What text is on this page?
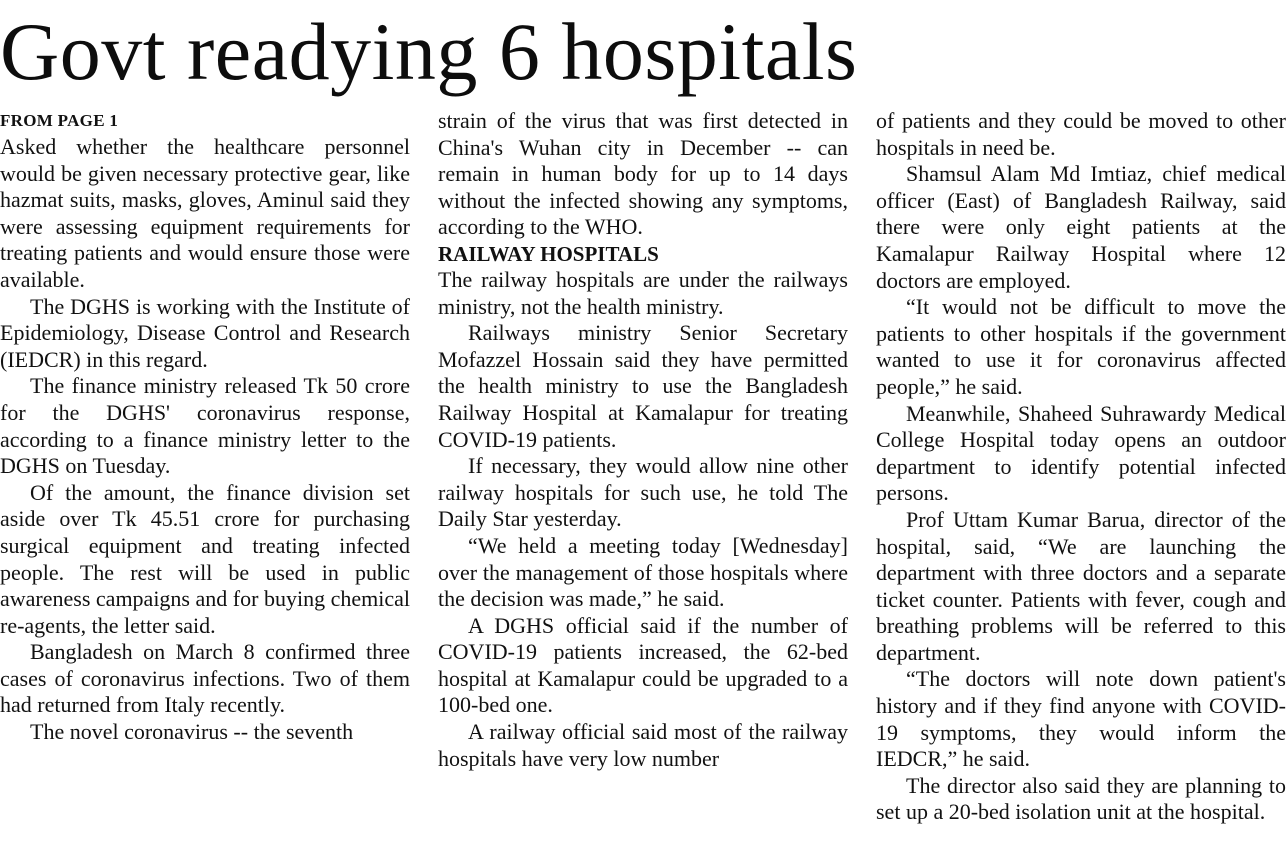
Govt readying 6 hospitals
FROM PAGE 1

Asked whether the healthcare personnel would be given necessary protective gear, like hazmat suits, masks, gloves, Aminul said they were assessing equipment requirements for treating patients and would ensure those were available.

The DGHS is working with the Institute of Epidemiology, Disease Control and Research (IEDCR) in this regard.

The finance ministry released Tk 50 crore for the DGHS' coronavirus response, according to a finance ministry letter to the DGHS on Tuesday.

Of the amount, the finance division set aside over Tk 45.51 crore for purchasing surgical equipment and treating infected people. The rest will be used in public awareness campaigns and for buying chemical re-agents, the letter said.

Bangladesh on March 8 confirmed three cases of coronavirus infections. Two of them had returned from Italy recently.

The novel coronavirus -- the seventh

strain of the virus that was first detected in China's Wuhan city in December -- can remain in human body for up to 14 days without the infected showing any symptoms, according to the WHO.

RAILWAY HOSPITALS

The railway hospitals are under the railways ministry, not the health ministry.

Railways ministry Senior Secretary Mofazzel Hossain said they have permitted the health ministry to use the Bangladesh Railway Hospital at Kamalapur for treating COVID-19 patients.

If necessary, they would allow nine other railway hospitals for such use, he told The Daily Star yesterday.

“We held a meeting today [Wednesday] over the management of those hospitals where the decision was made,” he said.

A DGHS official said if the number of COVID-19 patients increased, the 62-bed hospital at Kamalapur could be upgraded to a 100-bed one.

A railway official said most of the railway hospitals have very low number

of patients and they could be moved to other hospitals in need be.

Shamsul Alam Md Imtiaz, chief medical officer (East) of Bangladesh Railway, said there were only eight patients at the Kamalapur Railway Hospital where 12 doctors are employed.

“It would not be difficult to move the patients to other hospitals if the government wanted to use it for coronavirus affected people,” he said.

Meanwhile, Shaheed Suhrawardy Medical College Hospital today opens an outdoor department to identify potential infected persons.

Prof Uttam Kumar Barua, director of the hospital, said, “We are launching the department with three doctors and a separate ticket counter. Patients with fever, cough and breathing problems will be referred to this department.

“The doctors will note down patient's history and if they find anyone with COVID-19 symptoms, they would inform the IEDCR,” he said.

The director also said they are planning to set up a 20-bed isolation unit at the hospital.
